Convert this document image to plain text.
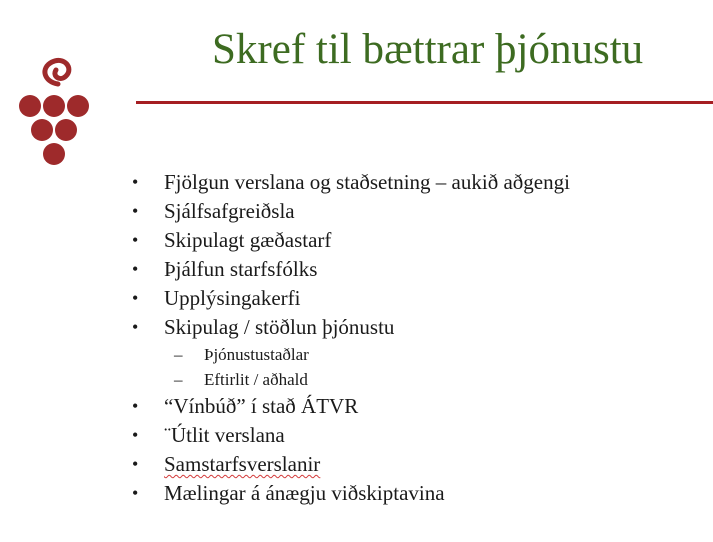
Skref til bættrar þjónustu
•	Fjölgun verslana og staðsetning – aukið aðgengi
•	Sjálfsafgreiðsla
•	Skipulagt gæðastarf
•	Þjálfun starfsfólks
•	Upplýsingakerfi
•	Skipulag / stöðlun þjónustu
– Þjónustustaðlar
– Eftirlit / aðhald
•	“Vínbúð” í stað ÁTVR
•	¨Útlit verslana
•	Samstarfsverslanir
•	Mælingar á ánægju viðskiptavina
